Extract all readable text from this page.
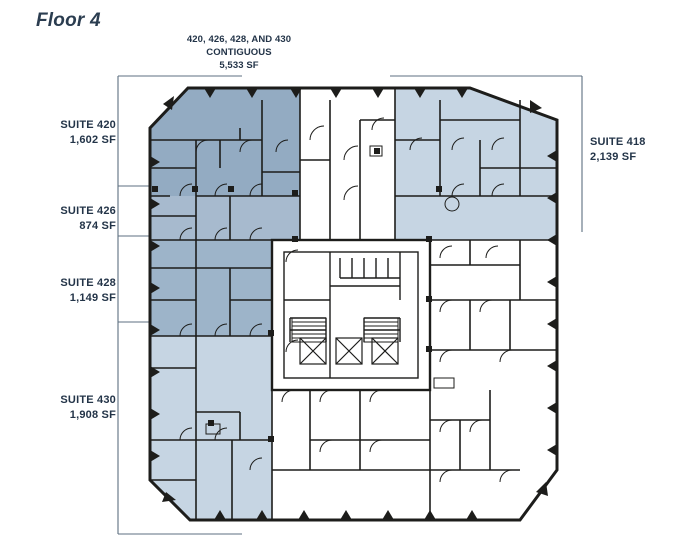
Floor 4
420, 426, 428, AND 430
CONTIGUOUS
5,533 SF
SUITE 420
1,602 SF
SUITE 426
874 SF
SUITE 428
1,149 SF
SUITE 430
1,908 SF
SUITE 418
2,139 SF
